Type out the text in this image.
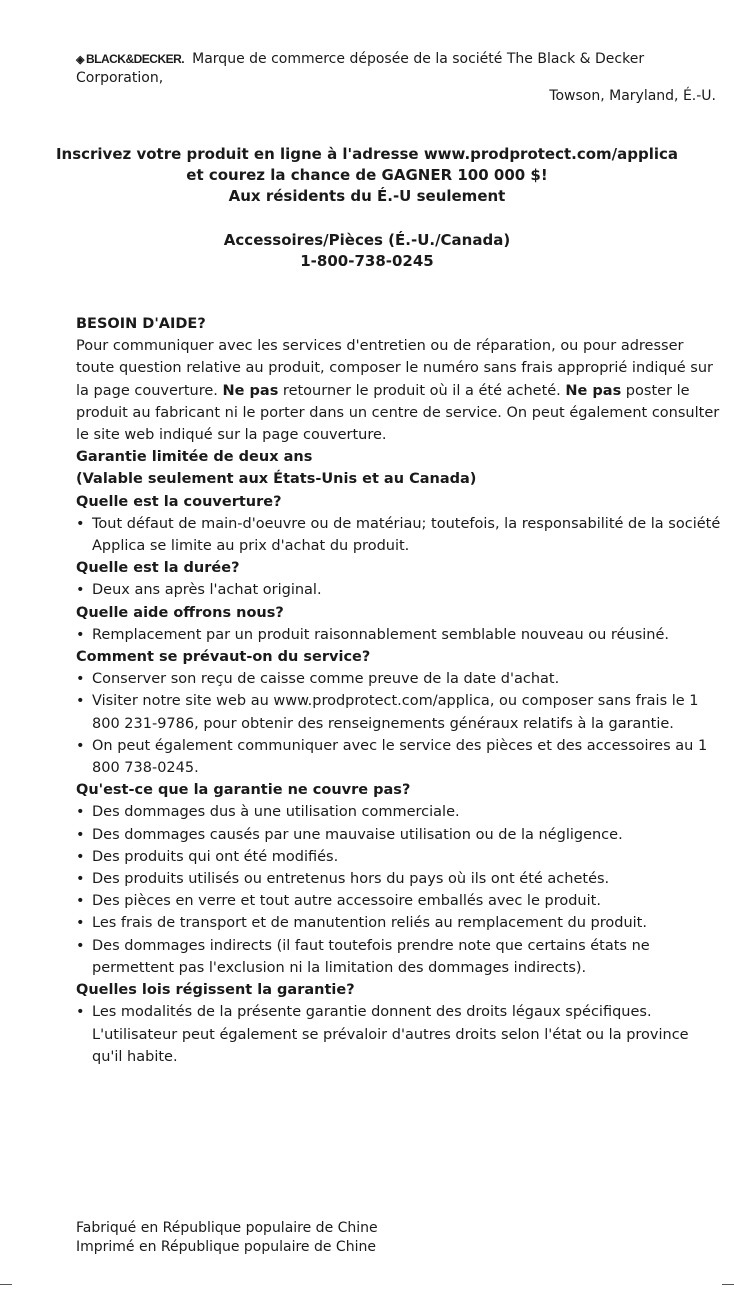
◈ BLACK&DECKER. Marque de commerce déposée de la société The Black & Decker Corporation,
Towson, Maryland, É.-U.
Inscrivez votre produit en ligne à l'adresse www.prodprotect.com/applica
et courez la chance de GAGNER 100 000 $!
Aux résidents du É.-U seulement
Accessoires/Pièces (É.-U./Canada)
1-800-738-0245
BESOIN D'AIDE?

Pour communiquer avec les services d'entretien ou de réparation, ou pour adresser toute question relative au produit, composer le numéro sans frais approprié indiqué sur la page couverture. Ne pas retourner le produit où il a été acheté. Ne pas poster le produit au fabricant ni le porter dans un centre de service. On peut également consulter le site web indiqué sur la page couverture.

Garantie limitée de deux ans
(Valable seulement aux États-Unis et au Canada)
Quelle est la couverture?
• Tout défaut de main-d'oeuvre ou de matériau; toutefois, la responsabilité de la société Applica se limite au prix d'achat du produit.
Quelle est la durée?
• Deux ans après l'achat original.
Quelle aide offrons nous?
• Remplacement par un produit raisonnablement semblable nouveau ou réusiné.
Comment se prévaut-on du service?
• Conserver son reçu de caisse comme preuve de la date d'achat.
• Visiter notre site web au www.prodprotect.com/applica, ou composer sans frais le 1 800 231-9786, pour obtenir des renseignements généraux relatifs à la garantie.
• On peut également communiquer avec le service des pièces et des accessoires au 1 800 738-0245.
Qu'est-ce que la garantie ne couvre pas?
• Des dommages dus à une utilisation commerciale.
• Des dommages causés par une mauvaise utilisation ou de la négligence.
• Des produits qui ont été modifiés.
• Des produits utilisés ou entretenus hors du pays où ils ont été achetés.
• Des pièces en verre et tout autre accessoire emballés avec le produit.
• Les frais de transport et de manutention reliés au remplacement du produit.
• Des dommages indirects (il faut toutefois prendre note que certains états ne permettent pas l'exclusion ni la limitation des dommages indirects).
Quelles lois régissent la garantie?
• Les modalités de la présente garantie donnent des droits légaux spécifiques. L'utilisateur peut également se prévaloir d'autres droits selon l'état ou la province qu'il habite.
Fabriqué en République populaire de Chine
Imprimé en République populaire de Chine
